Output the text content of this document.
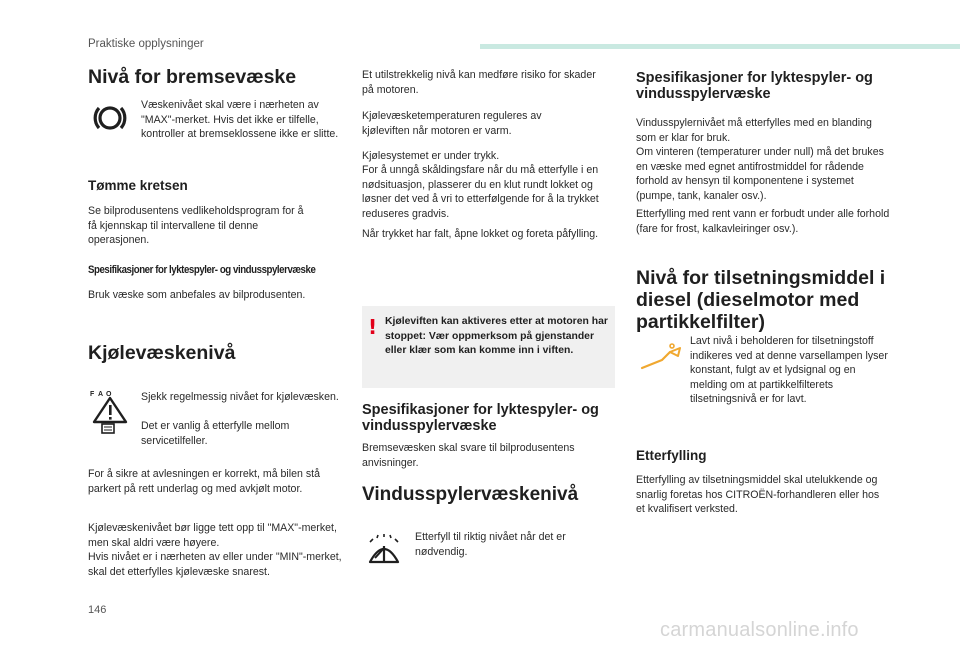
Praktiske opplysninger
Nivå for bremsevæske

Væskenivået skal være i nærheten av "MAX"-merket. Hvis det ikke er tilfelle, kontroller at bremseklossene ikke er slitte.

Tømme kretsen

Se bilprodusentens vedlikeholdsprogram for å få kjennskap til intervallene til denne operasjonen.

Spesifikasjoner for lyktespyler- og vindusspylervæske

Bruk væske som anbefales av bilprodusenten.

Kjølevæskenivå
F A O	Sjekk regelmessig nivået for kjølevæsken.

Det er vanlig å etterfylle mellom servicetilfeller.

For å sikre at avlesningen er korrekt, må bilen stå parkert på rett underlag og med avkjølt motor.

Kjølevæskenivået bør ligge tett opp til "MAX"-merket, men skal aldri være høyere.

Hvis nivået er i nærheten av eller under "MIN"-merket, skal det etterfylles kjølevæske snarest.

Et utilstrekkelig nivå kan medføre risiko for skader på motoren.

Kjølevæsketemperaturen reguleres av kjøleviften når motoren er varm.

Kjølesystemet er under trykk.

For å unngå skåldingsfare når du må etterfylle i en nødsituasjon, plasserer du en klut rundt lokket og løsner det ved å vri to etterfølgende for å la trykket reduseres gradvis.

Når trykket har falt, åpne lokket og foreta påfylling.

! Kjøleviften kan aktiveres etter at motoren har stoppet: Vær oppmerksom på gjenstander eller klær som kan komme inn i viften.
Spesifikasjoner for lyktespyler- og vindusspylervæske

Bremsevæsken skal svare til bilprodusentens anvisninger.

Vindusspylervæskenivå

Etterfyll til riktig nivået når det er nødvendig.

Spesifikasjoner for lyktespyler- og vindusspylervæske

Vindusspylernivået må etterfylles med en blanding som er klar for bruk.

Om vinteren (temperaturer under null) må det brukes en væske med egnet antifrostmiddel for rådende forhold av hensyn til komponentene i systemet (pumpe, tank, kanaler osv.).

Etterfylling med rent vann er forbudt under alle forhold (fare for frost, kalkavleiringer osv.).

Nivå for tilsetningsmiddel i diesel (dieselmotor med partikkelfilter)

Lavt nivå i beholderen for tilsetningstoff indikeres ved at denne varsellampen lyser konstant, fulgt av et lydsignal og en melding om at partikkelfilterets tilsetningsnivå er for lavt.

Etterfylling

Etterfylling av tilsetningsmiddel skal utelukkende og snarlig foretas hos CITROËN-forhandleren eller hos et kvalifisert verksted.

146
carmanualsonline.info
